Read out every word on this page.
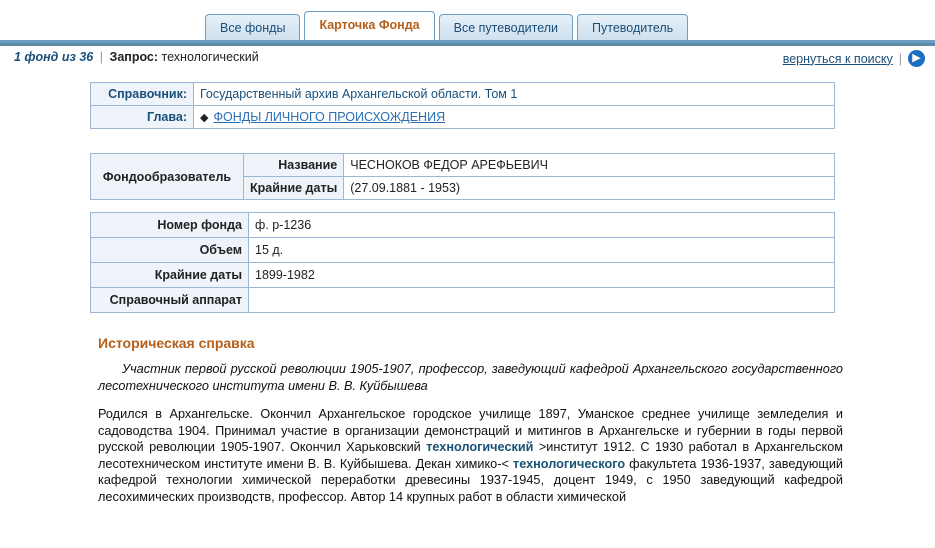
Все фонды	Карточка Фонда	Все путеводители	Путеводитель
1 фонд из 36 | Запрос: технологический	вернуться к поиску | ▶
Справочник:	Государственный архив Архангельской области. Том 1
Глава:	◆ ФОНДЫ ЛИЧНОГО ПРОИСХОЖДЕНИЯ
Фондообразователь	Название	ЧЕСНОКОВ ФЕДОР АРЕФЬЕВИЧ
	Крайние даты	(27.09.1881 - 1953)
Номер фонда	ф. р-1236
Объем	15 д.
Крайние даты	1899-1982
Справочный аппарат	
Историческая справка
Участник первой русской революции 1905-1907, профессор, заведующий кафедрой Архангельского государственного лесотехнического института имени В. В. Куйбышева
Родился в Архангельске. Окончил Архангельское городское училище 1897, Уманское среднее училище земледелия и садоводства 1904. Принимал участие в организации демонстраций и митингов в Архангельске и губернии в годы первой русской революции 1905-1907. Окончил Харьковский технологический >институт 1912. С 1930 работал в Архангельском лесотехническом институте имени В. В. Куйбышева. Декан химико-< технологического факультета 1936-1937, заведующий кафедрой технологии химической переработки древесины 1937-1945, доцент 1949, с 1950 заведующий кафедрой лесохимических производств, профессор. Автор 14 крупных работ в области химической
